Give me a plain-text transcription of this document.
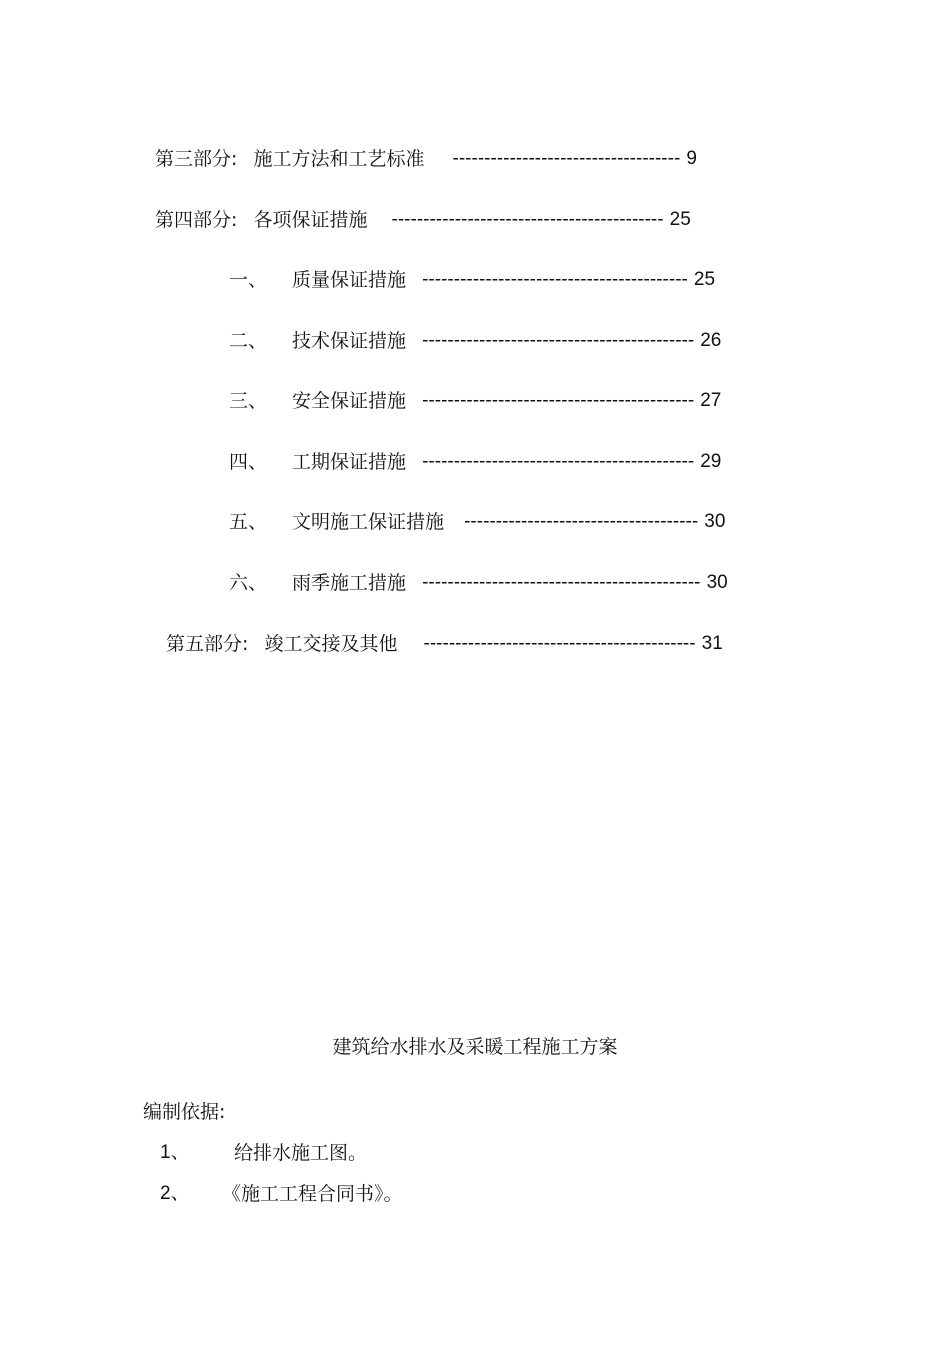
第三部分: 施工方法和工艺标准 ------------------------------------ 9
第四部分: 各项保证措施 ------------------------------------------- 25
一、 质量保证措施 ------------------------------------------ 25
二、 技术保证措施 ------------------------------------------- 26
三、 安全保证措施 ------------------------------------------- 27
四、 工期保证措施 ------------------------------------------- 29
五、 文明施工保证措施 ------------------------------------- 30
六、 雨季施工措施 -------------------------------------------- 30
第五部分: 竣工交接及其他 ------------------------------------------- 31
建筑给水排水及采暖工程施工方案
编制依据:
1、 给排水施工图。
2、 《施工工程合同书》。
